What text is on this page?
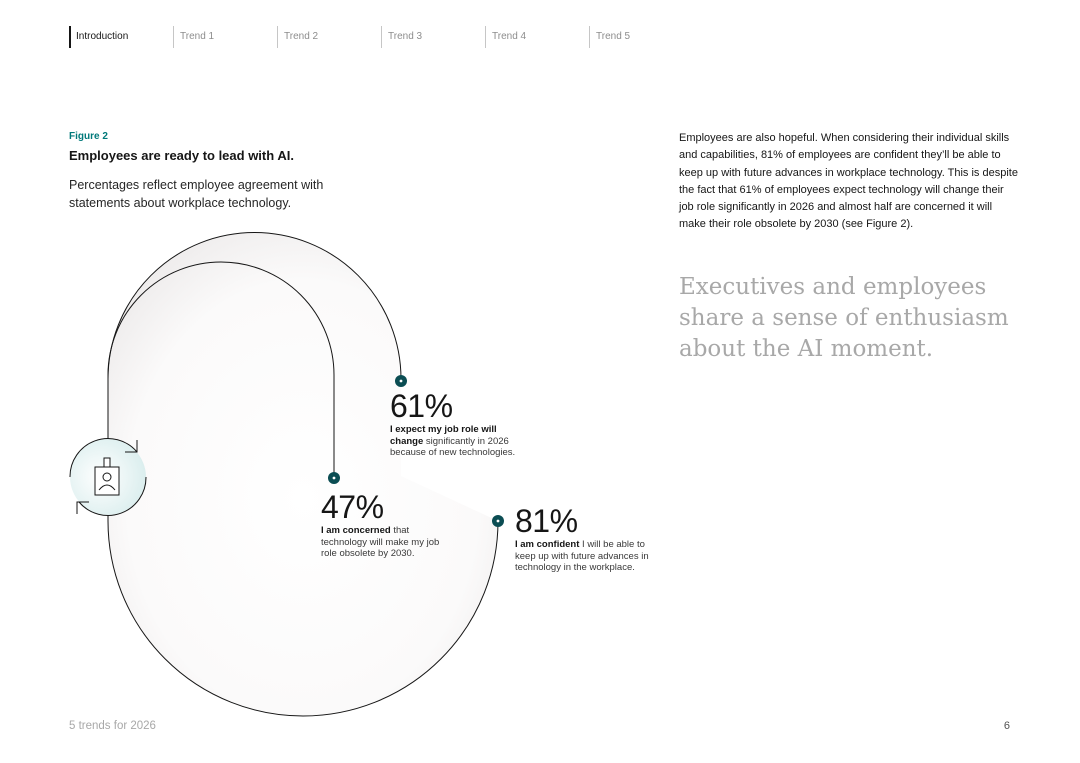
Introduction	Trend 1	Trend 2	Trend 3	Trend 4	Trend 5
Figure 2
Employees are ready to lead with AI.
Percentages reflect employee agreement with statements about workplace technology.
61%
I expect my job role will change significantly in 2026 because of new technologies.
47%
I am concerned that technology will make my job role obsolete by 2030.
81%
I am confident I will be able to keep up with future advances in technology in the workplace.
Employees are also hopeful. When considering their individual skills and capabilities, 81% of employees are confident they’ll be able to keep up with future advances in workplace technology. This is despite the fact that 61% of employees expect technology will change their job role significantly in 2026 and almost half are concerned it will make their role obsolete by 2030 (see Figure 2).
Executives and employees share a sense of enthusiasm about the AI moment.
5 trends for 2026	6
